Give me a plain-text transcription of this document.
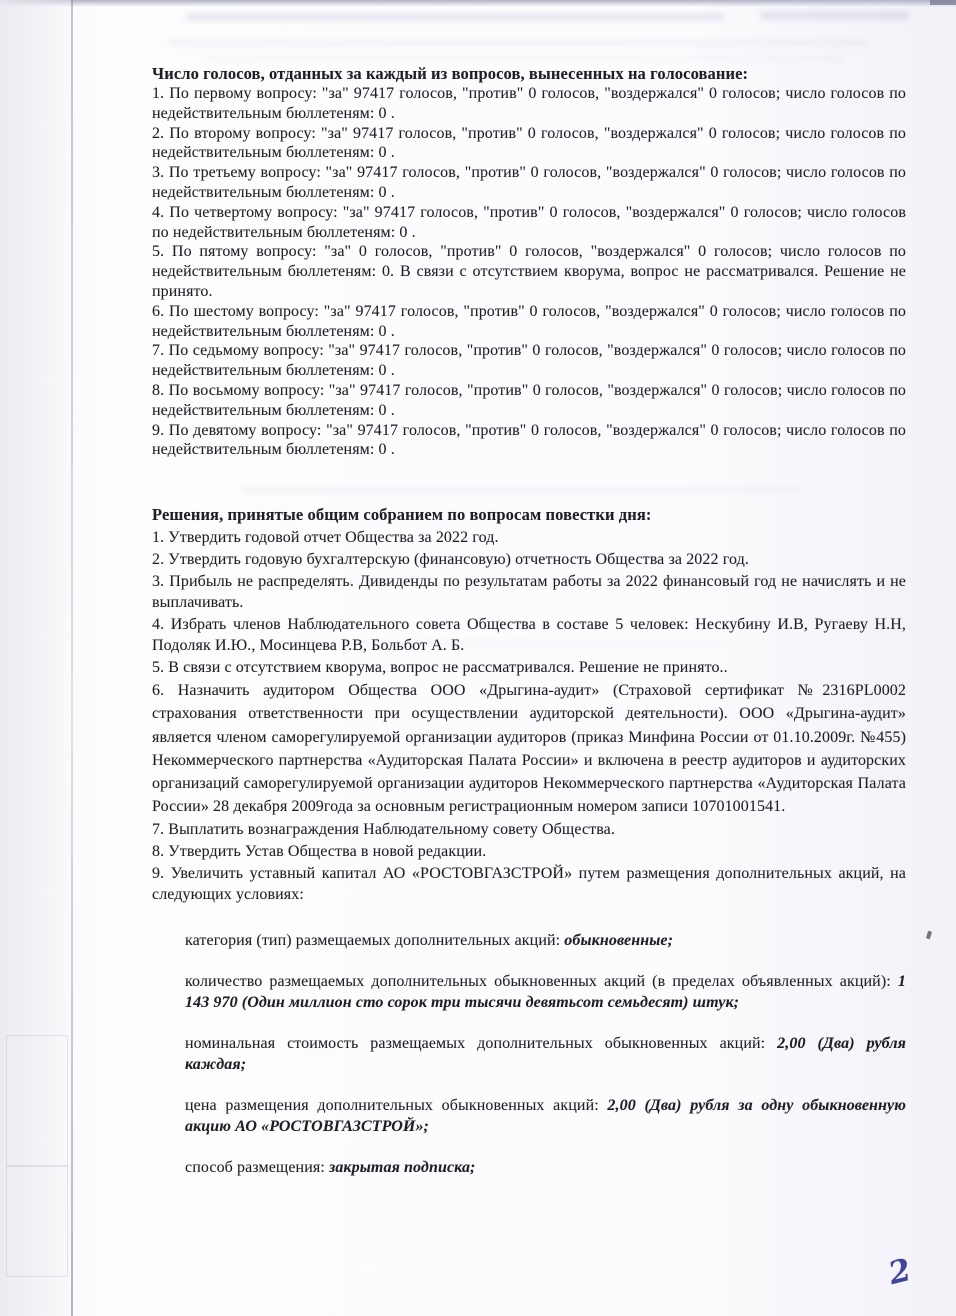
Число голосов, отданных за каждый из вопросов, вынесенных на голосование:

1. По первому вопросу: "за" 97417 голосов, "против" 0 голосов, "воздержался" 0 голосов; число голосов по недействительным бюллетеням: 0 .

2. По второму вопросу: "за" 97417 голосов, "против" 0 голосов, "воздержался" 0 голосов; число голосов по недействительным бюллетеням: 0 .

3. По третьему вопросу: "за" 97417 голосов, "против" 0 голосов, "воздержался" 0 голосов; число голосов по недействительным бюллетеням: 0 .

4. По четвертому вопросу: "за" 97417 голосов, "против" 0 голосов, "воздержался" 0 голосов; число голосов по недействительным бюллетеням: 0 .

5. По пятому вопросу: "за" 0 голосов, "против" 0 голосов, "воздержался" 0 голосов; число голосов по недействительным бюллетеням: 0. В связи с отсутствием кворума, вопрос не рассматривался. Решение не принято.

6. По шестому вопросу: "за" 97417 голосов, "против" 0 голосов, "воздержался" 0 голосов; число голосов по недействительным бюллетеням: 0 .

7. По седьмому вопросу: "за" 97417 голосов, "против" 0 голосов, "воздержался" 0 голосов; число голосов по недействительным бюллетеням: 0 .

8. По восьмому вопросу: "за" 97417 голосов, "против" 0 голосов, "воздержался" 0 голосов; число голосов по недействительным бюллетеням: 0 .

9. По девятому вопросу: "за" 97417 голосов, "против" 0 голосов, "воздержался" 0 голосов; число голосов по недействительным бюллетеням: 0 .

Решения, принятые общим собранием по вопросам повестки дня:

1. Утвердить годовой отчет Общества за 2022 год.

2. Утвердить годовую бухгалтерскую (финансовую) отчетность Общества за 2022 год.

3. Прибыль не распределять. Дивиденды по результатам работы за 2022 финансовый год не начислять и не выплачивать.

4. Избрать членов Наблюдательного совета Общества в составе 5 человек: Нескубину И.В, Ругаеву Н.Н, Подоляк И.Ю., Мосинцева Р.В, Больбот А. Б.

5. В связи с отсутствием кворума, вопрос не рассматривался. Решение не принято..

6. Назначить аудитором Общества ООО «Дрыгина-аудит» (Страховой сертификат №2316PL0002 страхования ответственности при осуществлении аудиторской деятельности). ООО «Дрыгина-аудит» является членом саморегулируемой организации аудиторов (приказ Минфина России от 01.10.2009г. №455) Некоммерческого партнерства «Аудиторская Палата России» и включена в реестр аудиторов и аудиторских организаций саморегулируемой организации аудиторов Некоммерческого партнерства «Аудиторская Палата России» 28 декабря 2009года за основным регистрационным номером записи 10701001541.

7. Выплатить вознаграждения Наблюдательному совету Общества.

8. Утвердить Устав Общества в новой редакции.

9. Увеличить уставный капитал АО «РОСТОВГАЗСТРОЙ» путем размещения дополнительных акций, на следующих условиях:

категория (тип) размещаемых дополнительных акций: обыкновенные;

количество размещаемых дополнительных обыкновенных акций (в пределах объявленных акций): 1 143 970 (Один миллион сто сорок три тысячи девятьсот семьдесят) штук;

номинальная стоимость размещаемых дополнительных обыкновенных акций: 2,00 (Два) рубля каждая;

цена размещения дополнительных обыкновенных акций: 2,00 (Два) рубля за одну обыкновенную акцию АО «РОСТОВГАЗСТРОЙ»;

способ размещения: закрытая подписка;

2
